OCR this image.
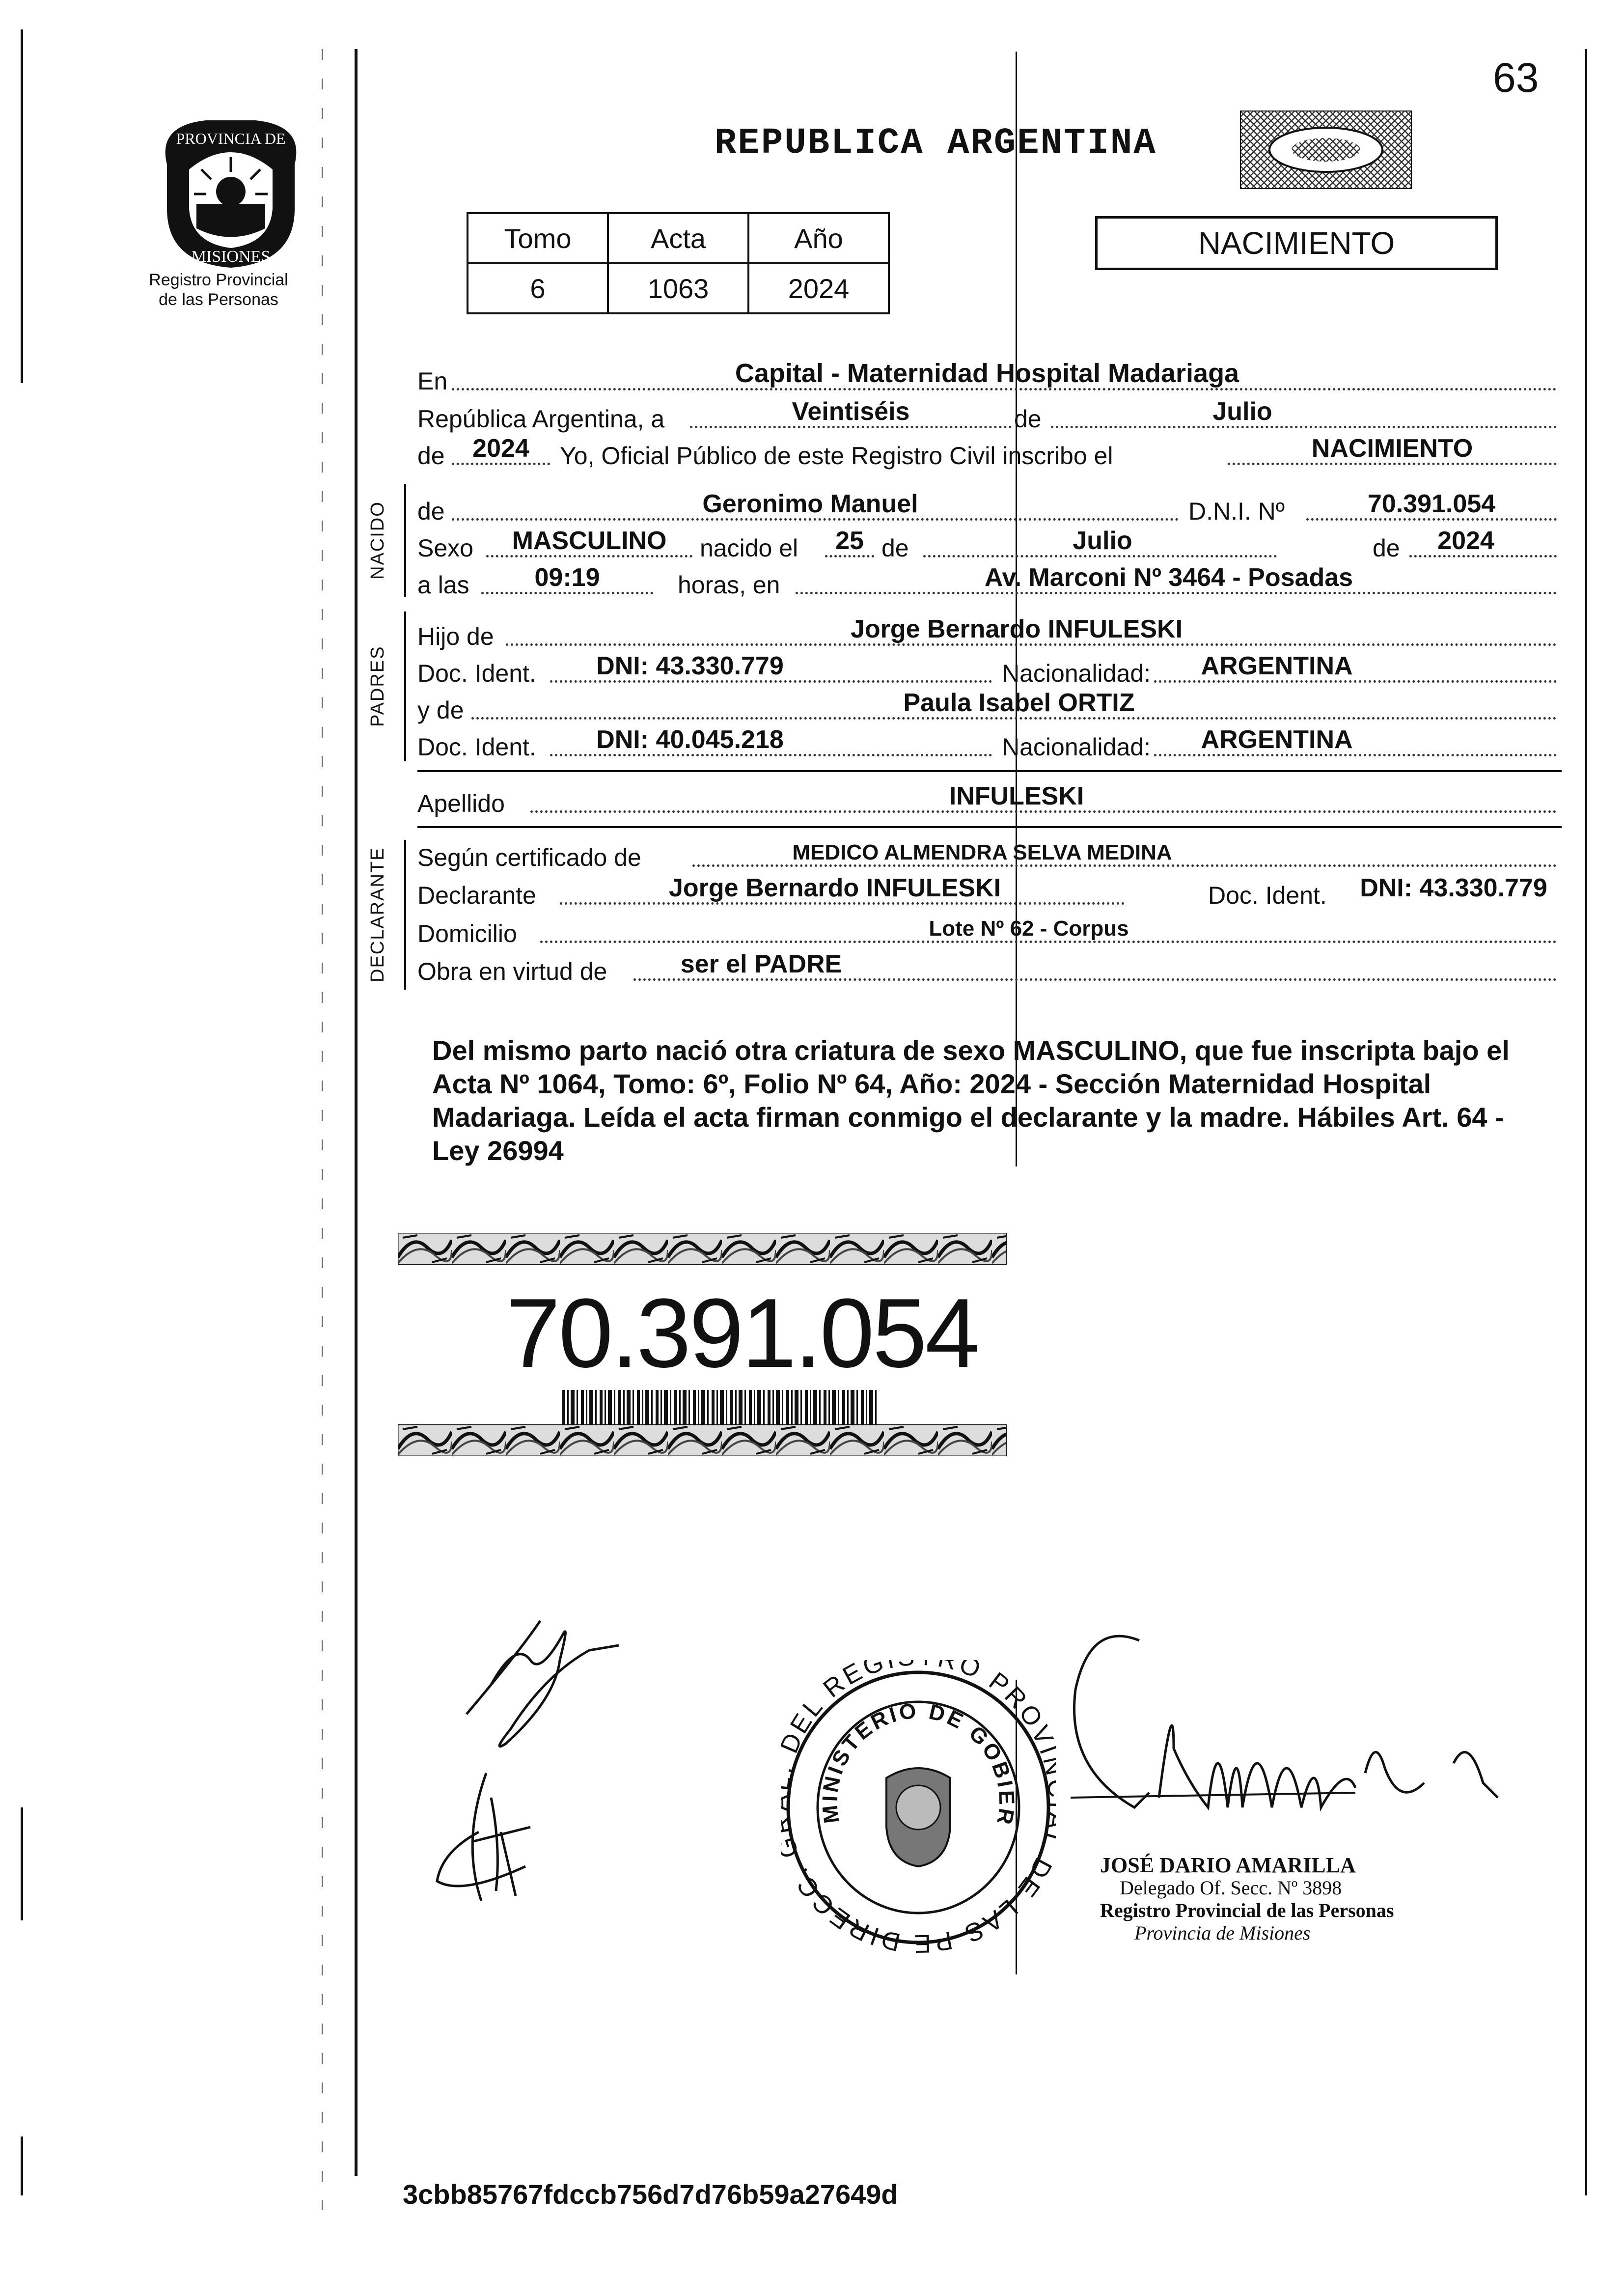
PROVINCIA DE
MISIONES
Registro Provincial
de las Personas
63
REPUBLICA ARGENTINA
Tomo	Acta	Año
6	1063	2024
NACIMIENTO
En	Capital - Maternidad Hospital Madariaga
República Argentina, a	Veintiséis	de	Julio
de	2024	Yo, Oficial Público de este Registro Civil inscribo el	NACIMIENTO
NACIDO de	Geronimo Manuel	D.N.I. Nº	70.391.054
Sexo	MASCULINO	nacido el	25 de	Julio	de	2024
a las	09:19	horas, en	Av. Marconi Nº 3464 - Posadas
PADRES
Hijo de	Jorge Bernardo INFULESKI
Doc. Ident.	DNI: 43.330.779	Nacionalidad:	ARGENTINA
y de	Paula Isabel ORTIZ
Doc. Ident.	DNI: 40.045.218	Nacionalidad:	ARGENTINA
Apellido	INFULESKI
DECLARANTE Según certificado de	MEDICO ALMENDRA SELVA MEDINA
Declarante	Jorge Bernardo INFULESKI	Doc. Ident.	DNI: 43.330.779
Domicilio	Lote Nº 62 - Corpus
Obra en virtud de	ser el PADRE
Del mismo parto nació otra criatura de sexo MASCULINO, que fue inscripta bajo el Acta Nº 1064, Tomo: 6º, Folio Nº 64, Año: 2024 - Sección Maternidad Hospital Madariaga. Leída el acta firman conmigo el declarante y la madre. Hábiles Art. 64 - Ley 26994
70.391.054
DIRECC. EL REG RO PRO DE LAS PE
MINISTERIO DE GOBIER
JOSÉ DARIO AMARILLA
Delegado Of. Secc. Nº 3898
Registro Provincial de las Personas
Provincia de Misiones
3cbb85767fdccb756d7d76b59a27649d
